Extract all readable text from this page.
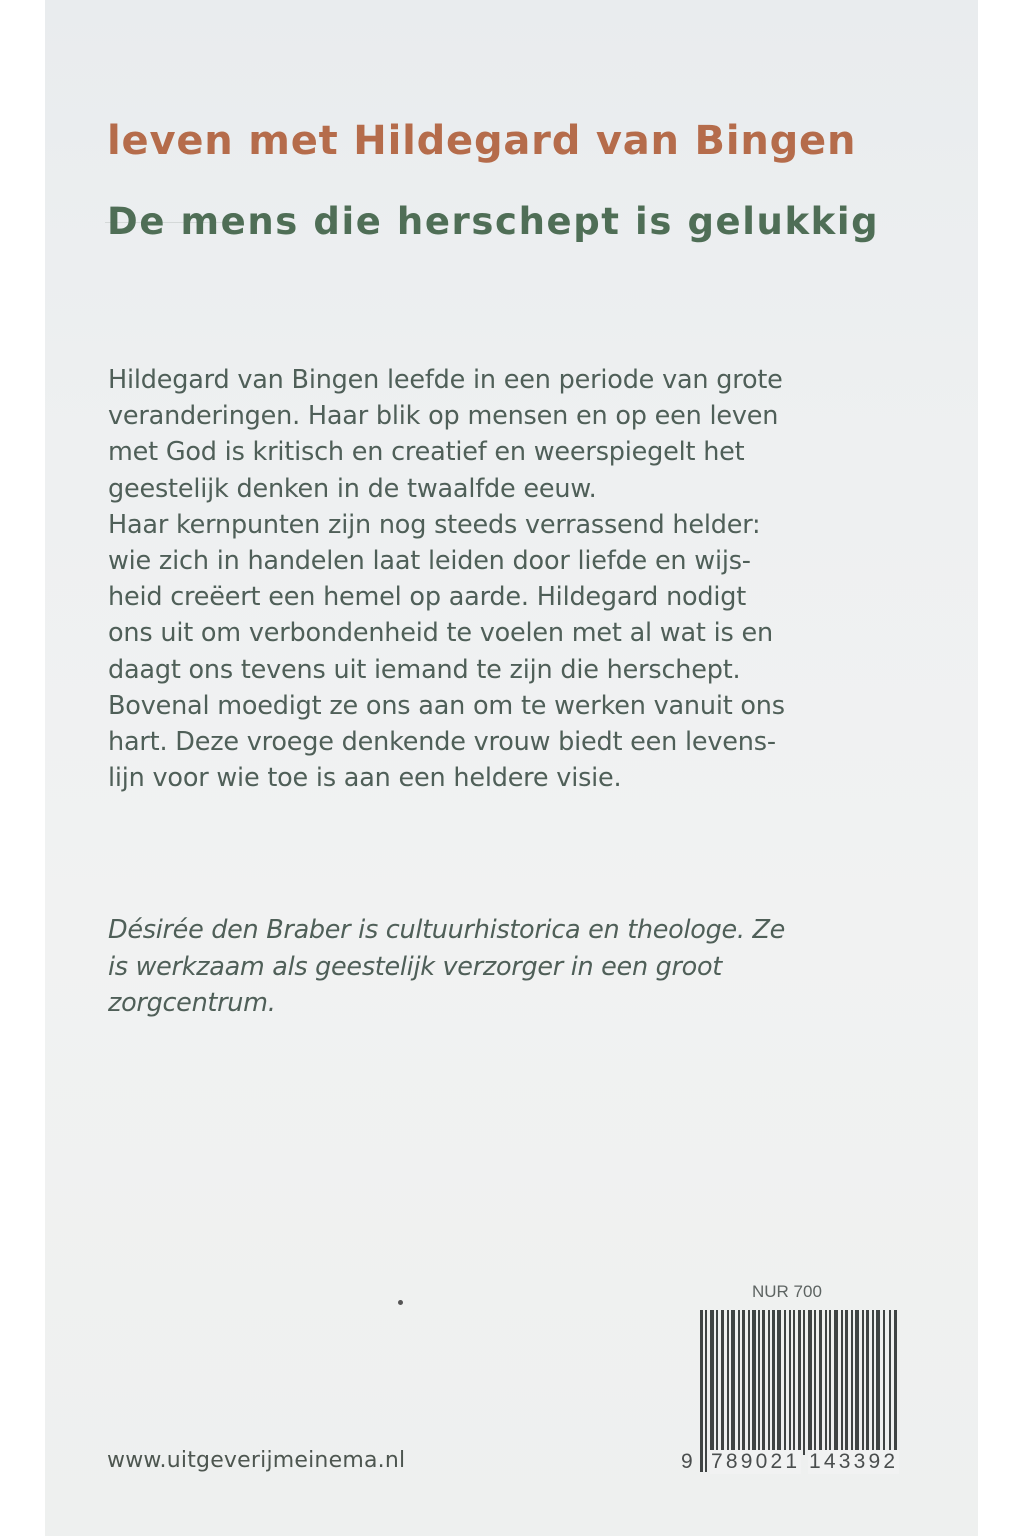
leven met Hildegard van Bingen
De mens die herschept is gelukkig

Hildegard van Bingen leefde in een periode van grote
veranderingen. Haar blik op mensen en op een leven
met God is kritisch en creatief en weerspiegelt het
geestelijk denken in de twaalfde eeuw.
Haar kernpunten zijn nog steeds verrassend helder:
wie zich in handelen laat leiden door liefde en wijs-
heid creëert een hemel op aarde. Hildegard nodigt
ons uit om verbondenheid te voelen met al wat is en
daagt ons tevens uit iemand te zijn die herschept.
Bovenal moedigt ze ons aan om te werken vanuit ons
hart. Deze vroege denkende vrouw biedt een levens-
lijn voor wie toe is aan een heldere visie.

Désirée den Braber is cultuurhistorica en theologe. Ze
is werkzaam als geestelijk verzorger in een groot
zorgcentrum.

NUR 700
9 789021 143392
www.uitgeverijmeinema.nl
